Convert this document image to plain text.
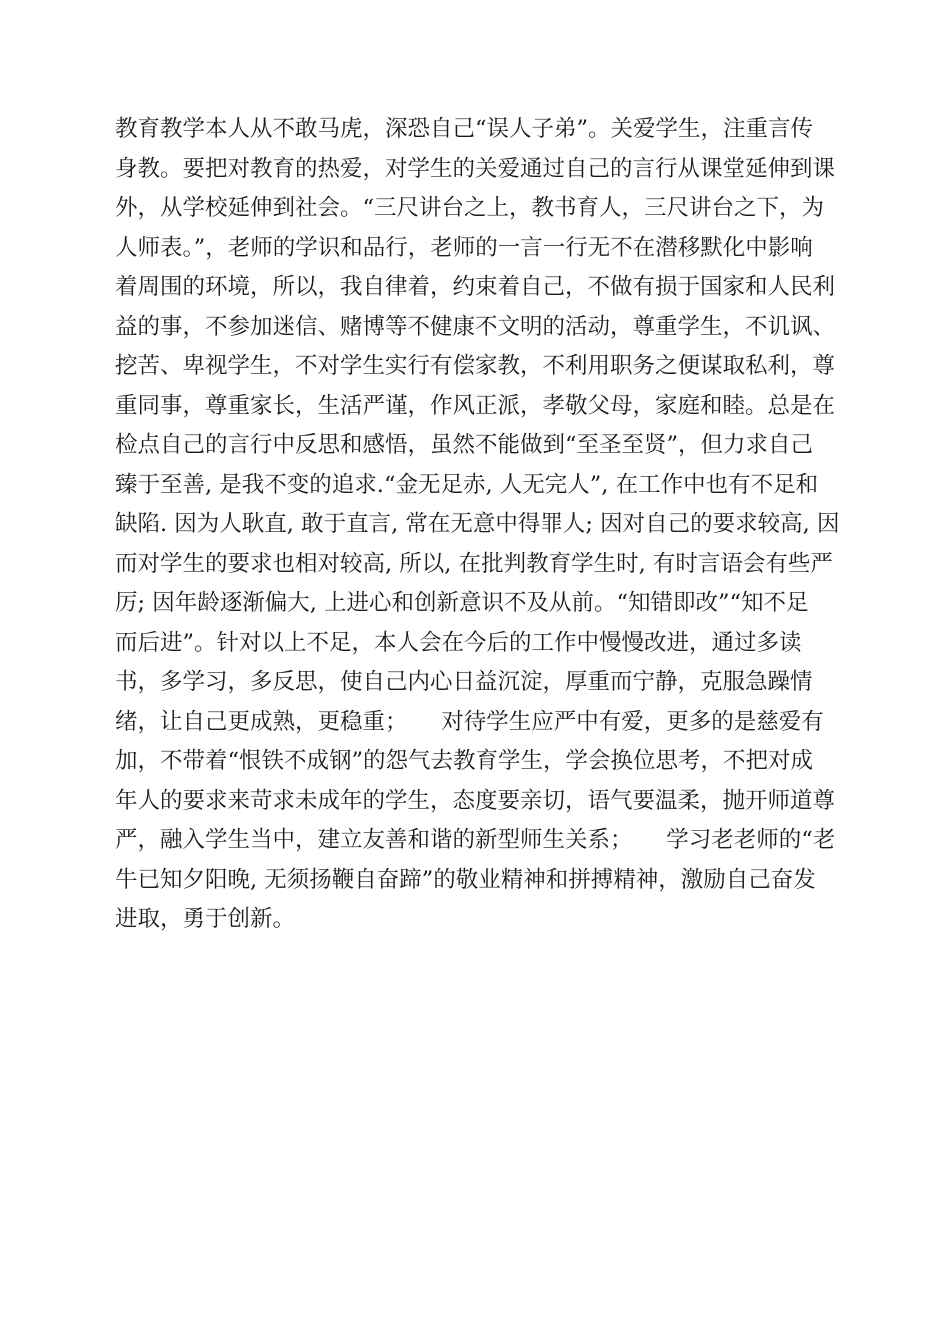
教育教学本人从不敢马虎，深恐自己“误人子弟”。关爱学生，注重言传
身教。要把对教育的热爱，对学生的关爱通过自己的言行从课堂延伸到课
外，从学校延伸到社会。“三尺讲台之上，教书育人，三尺讲台之下，为
人师表。”，老师的学识和品行，老师的一言一行无不在潜移默化中影响
着周围的环境，所以，我自律着，约束着自己，不做有损于国家和人民利
益的事，不参加迷信、赌博等不健康不文明的活动，尊重学生，不讥讽、
挖苦、卑视学生，不对学生实行有偿家教，不利用职务之便谋取私利，尊
重同事，尊重家长，生活严谨，作风正派，孝敬父母，家庭和睦。总是在
检点自己的言行中反思和感悟，虽然不能做到“至圣至贤”，但力求自己
臻于至善, 是我不变的追求.“金无足赤, 人无完人”, 在工作中也有不足和
缺陷. 因为人耿直, 敢于直言, 常在无意中得罪人; 因对自己的要求较高, 因
而对学生的要求也相对较高, 所以, 在批判教育学生时, 有时言语会有些严
厉; 因年龄逐渐偏大, 上进心和创新意识不及从前。“知错即改”“知不足
而后进”。针对以上不足，本人会在今后的工作中慢慢改进，通过多读
书，多学习，多反思，使自己内心日益沉淀，厚重而宁静，克服急躁情
绪，让自己更成熟，更稳重；　　对待学生应严中有爱，更多的是慈爱有
加，不带着“恨铁不成钢”的怨气去教育学生，学会换位思考，不把对成
年人的要求来苛求未成年的学生，态度要亲切，语气要温柔，抛开师道尊
严，融入学生当中，建立友善和谐的新型师生关系；　　学习老老师的“老
牛已知夕阳晚, 无须扬鞭自奋蹄”的敬业精神和拼搏精神，激励自己奋发
进取，勇于创新。
